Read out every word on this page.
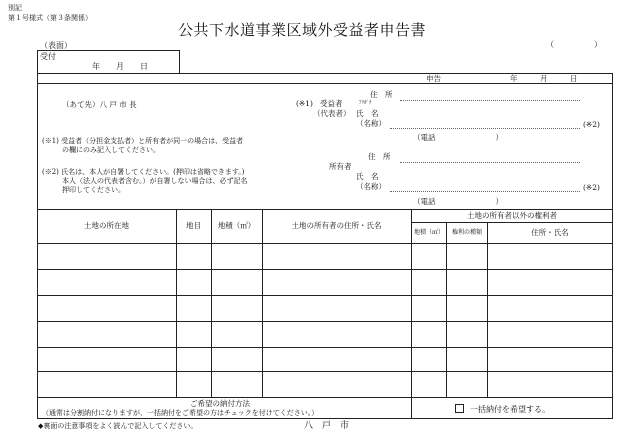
別記
第１号様式（第３条関係）
公共下水道事業区域外受益者申告書
（　　　　　）
（表面）
受付
年　　月　　日
申告	年　　　月　　　日
（あて先）八 戸 市 長
住　所
(※1) 受益者	ﾌﾘｶﾞﾅ
（代表者） 氏　名
（名称）	(※2)
（電話　　　　　　　　）
(※1) 受益者（分担金支払者）と所有者が同一の場合は、受益者
の欄にのみ記入してください。
(※2) 氏名は、本人が自署してください。(押印は省略できます。)
本人（法人の代表者含む。）が自署しない場合は、必ず記名
押印してください。
住　所
所有者
氏　名
（名称）	(※2)
（電話　　　　　　　　）
土地の所在地	地目	地積（㎡）	土地の所有者の住所・氏名
土地の所有者以外の権利者
地積（㎡）	権利の種類	住所・氏名
ご希望の納付方法
（通常は分割納付になりますが、一括納付をご希望の方はチェックを付けてください。）	一括納付を希望する。
◆裏面の注意事項をよく読んで記入してください。	八　戸　市
